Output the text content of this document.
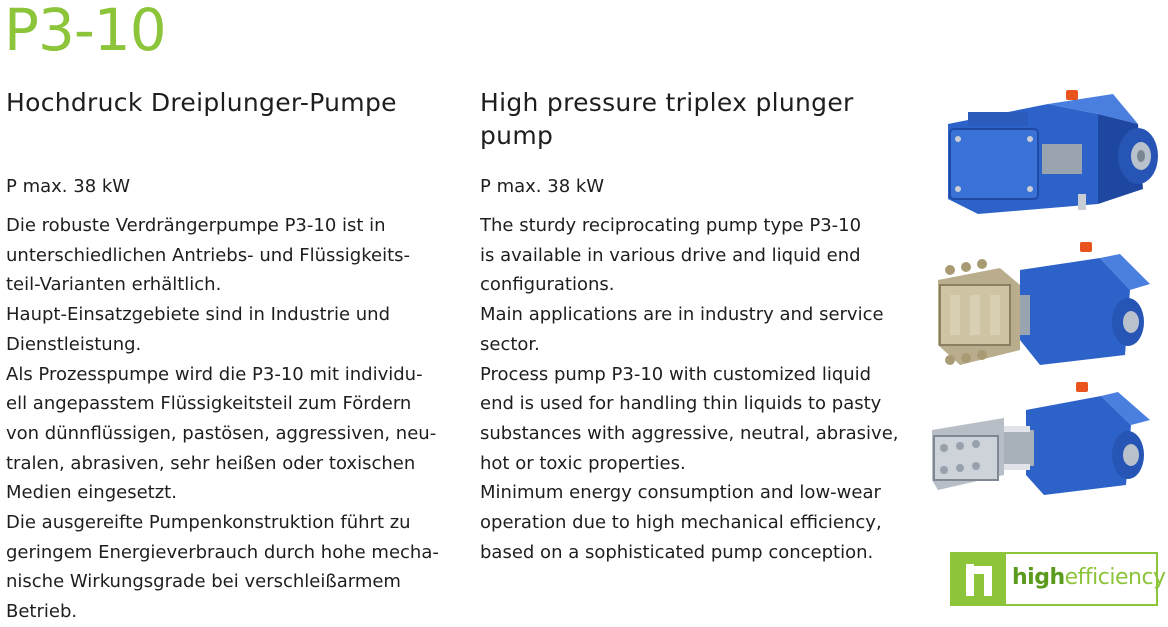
P3-10
Hochdruck Dreiplunger-Pumpe
P max. 38 kW
Die robuste Verdrängerpumpe P3-10 ist in
unterschiedlichen Antriebs- und Flüssigkeits-
teil-Varianten erhältlich.
Haupt-Einsatzgebiete sind in Industrie und
Dienstleistung.
Als Prozesspumpe wird die P3-10 mit individu-
ell angepasstem Flüssigkeitsteil zum Fördern
von dünnflüssigen, pastösen, aggressiven, neu-
tralen, abrasiven, sehr heißen oder toxischen
Medien eingesetzt.
Die ausgereifte Pumpenkonstruktion führt zu
geringem Energieverbrauch durch hohe mecha-
nische Wirkungsgrade bei verschleißarmem
Betrieb.
High pressure triplex plunger pump
P max. 38 kW
The sturdy reciprocating pump type P3-10
is available in various drive and liquid end
configurations.
Main applications are in industry and service
sector.
Process pump P3-10 with customized liquid
end is used for handling thin liquids to pasty
substances with aggressive, neutral, abrasive,
hot or toxic properties.
Minimum energy consumption and low-wear
operation due to high mechanical efficiency,
based on a sophisticated pump conception.
highefficiency
